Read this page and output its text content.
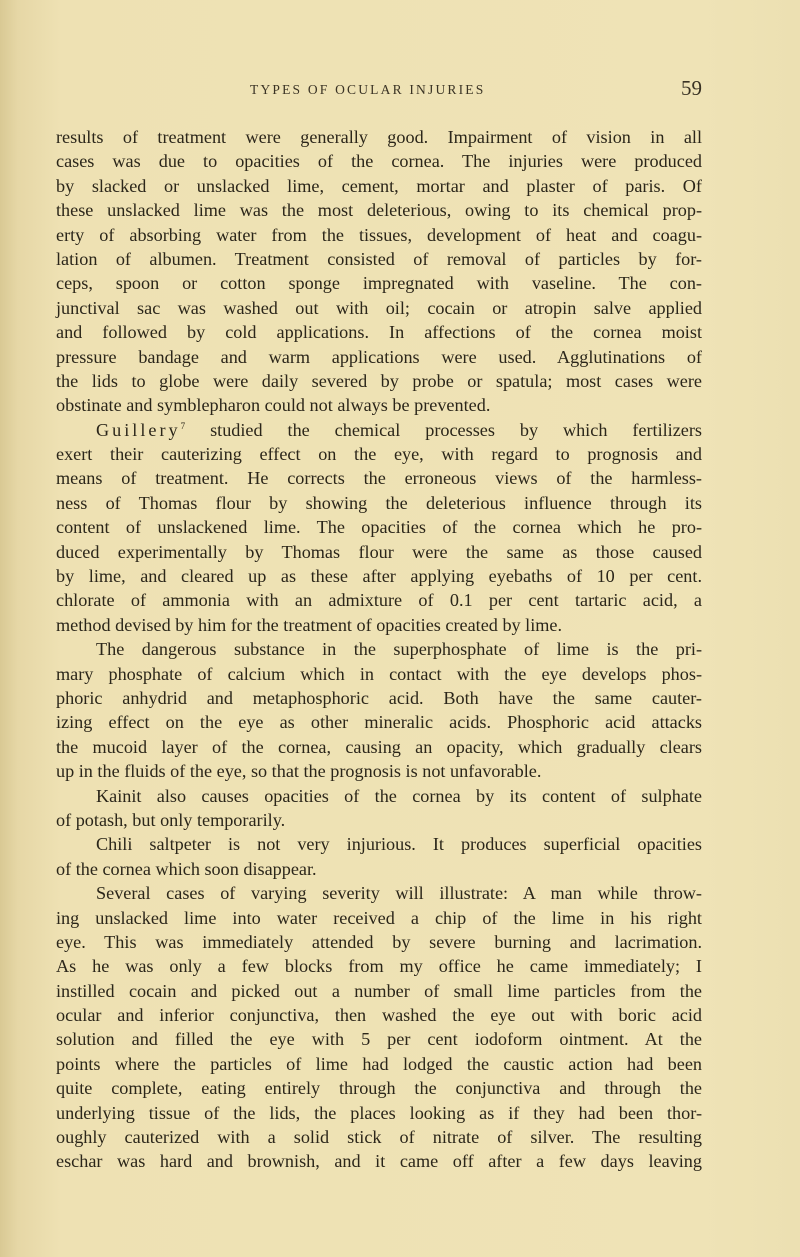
TYPES OF OCULAR INJURIES	59
results of treatment were generally good. Impairment of vision in all
cases was due to opacities of the cornea. The injuries were produced
by slacked or unslacked lime, cement, mortar and plaster of paris. Of
these unslacked lime was the most deleterious, owing to its chemical prop-
erty of absorbing water from the tissues, development of heat and coagu-
lation of albumen. Treatment consisted of removal of particles by for-
ceps, spoon or cotton sponge impregnated with vaseline. The con-
junctival sac was washed out with oil; cocain or atropin salve applied
and followed by cold applications. In affections of the cornea moist
pressure bandage and warm applications were used. Agglutinations of
the lids to globe were daily severed by probe or spatula; most cases were
obstinate and symblepharon could not always be prevented.
Guillery$^7$ studied the chemical processes by which fertilizers
exert their cauterizing effect on the eye, with regard to prognosis and
means of treatment. He corrects the erroneous views of the harmless-
ness of Thomas flour by showing the deleterious influence through its
content of unslackened lime. The opacities of the cornea which he pro-
duced experimentally by Thomas flour were the same as those caused
by lime, and cleared up as these after applying eyebaths of 10 per cent.
chlorate of ammonia with an admixture of 0.1 per cent tartaric acid, a
method devised by him for the treatment of opacities created by lime.
The dangerous substance in the superphosphate of lime is the pri-
mary phosphate of calcium which in contact with the eye develops phos-
phoric anhydrid and metaphosphoric acid. Both have the same cauter-
izing effect on the eye as other mineralic acids. Phosphoric acid attacks
the mucoid layer of the cornea, causing an opacity, which gradually clears
up in the fluids of the eye, so that the prognosis is not unfavorable.
Kainit also causes opacities of the cornea by its content of sulphate
of potash, but only temporarily.
Chili saltpeter is not very injurious. It produces superficial opacities
of the cornea which soon disappear.
Several cases of varying severity will illustrate: A man while throw-
ing unslacked lime into water received a chip of the lime in his right
eye. This was immediately attended by severe burning and lacrimation.
As he was only a few blocks from my office he came immediately; I
instilled cocain and picked out a number of small lime particles from the
ocular and inferior conjunctiva, then washed the eye out with boric acid
solution and filled the eye with 5 per cent iodoform ointment. At the
points where the particles of lime had lodged the caustic action had been
quite complete, eating entirely through the conjunctiva and through the
underlying tissue of the lids, the places looking as if they had been thor-
oughly cauterized with a solid stick of nitrate of silver. The resulting
eschar was hard and brownish, and it came off after a few days leaving
